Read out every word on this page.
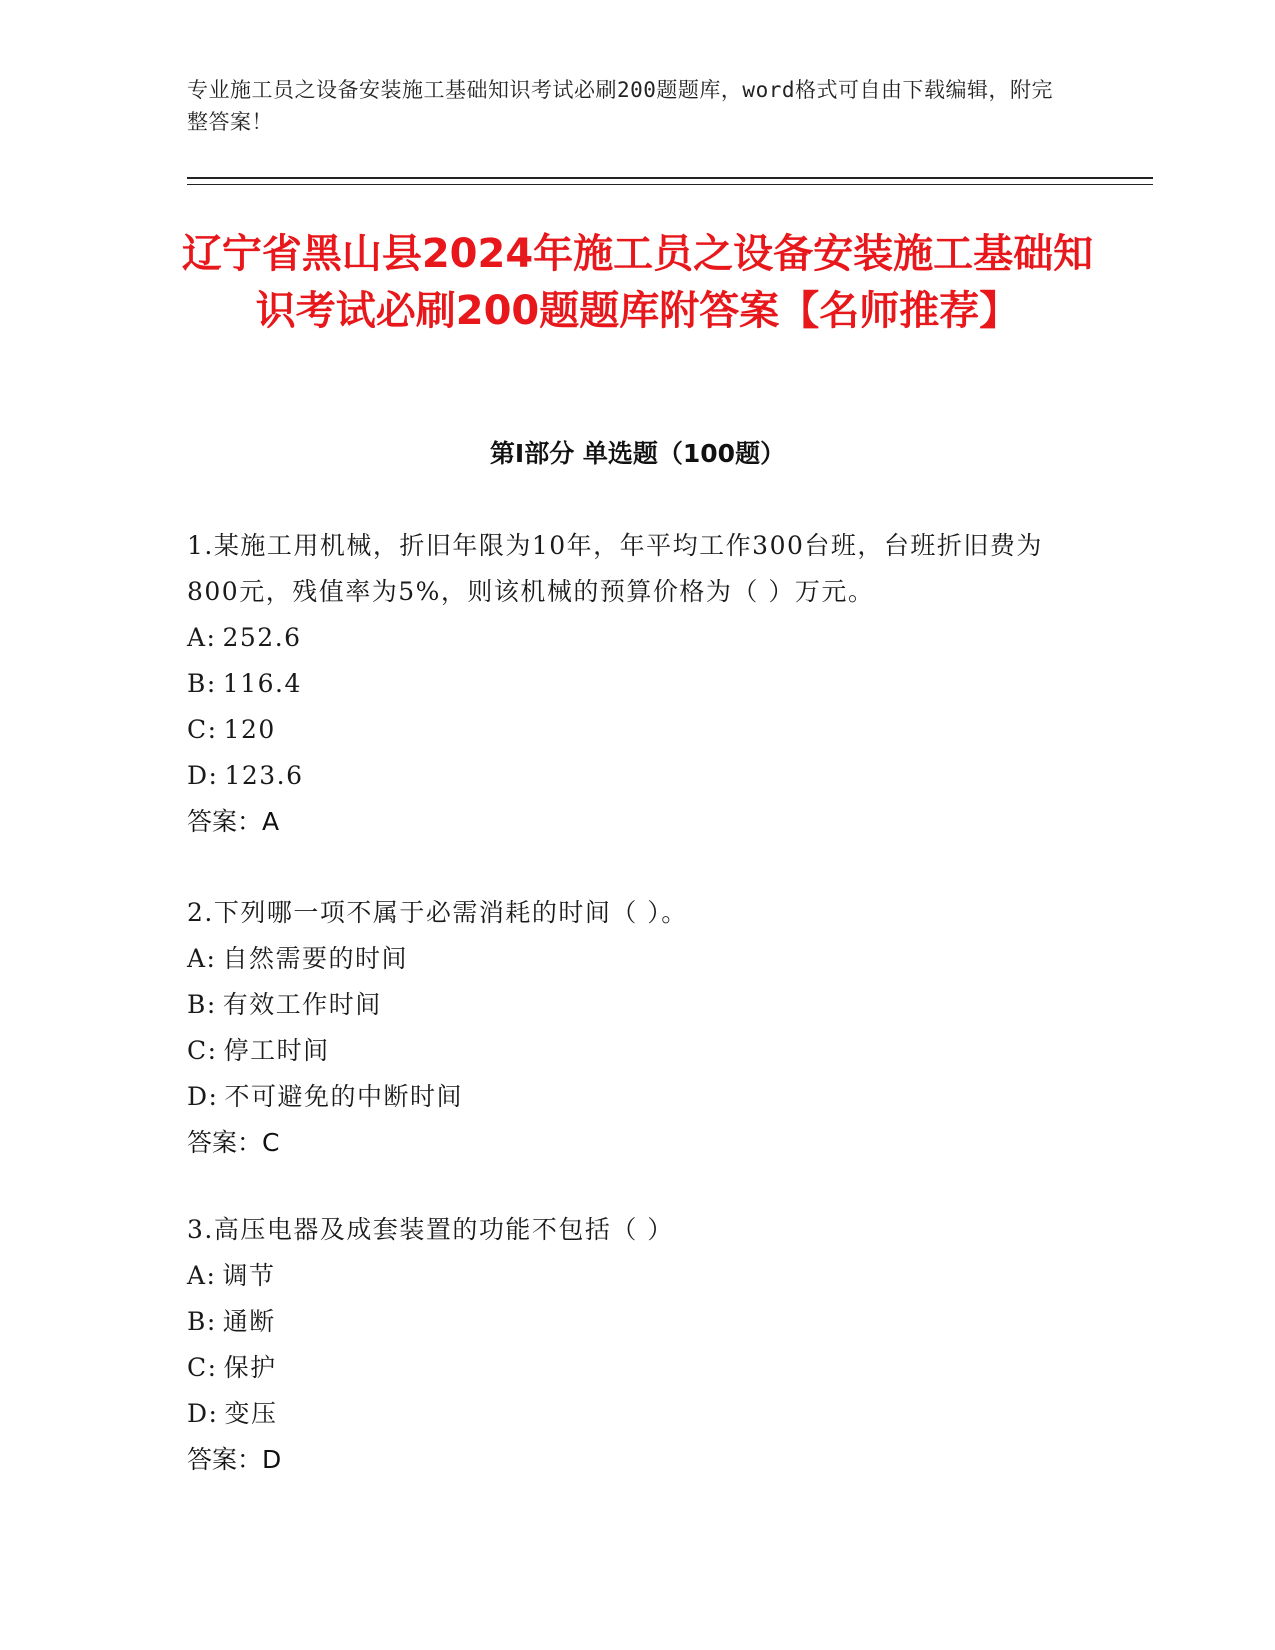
专业施工员之设备安装施工基础知识考试必刷200题题库，word格式可自由下载编辑，附完整答案！
辽宁省黑山县2024年施工员之设备安装施工基础知识考试必刷200题题库附答案【名师推荐】
第Ⅰ部分 单选题（100题）
1.某施工用机械，折旧年限为10年，年平均工作300台班，台班折旧费为800元，残值率为5%，则该机械的预算价格为（ ）万元。
A: 252.6
B: 116.4
C: 120
D: 123.6
答案：A
2.下列哪一项不属于必需消耗的时间（ ）。
A: 自然需要的时间
B: 有效工作时间
C: 停工时间
D: 不可避免的中断时间
答案：C
3.高压电器及成套装置的功能不包括（ ）
A: 调节
B: 通断
C: 保护
D: 变压
答案：D
